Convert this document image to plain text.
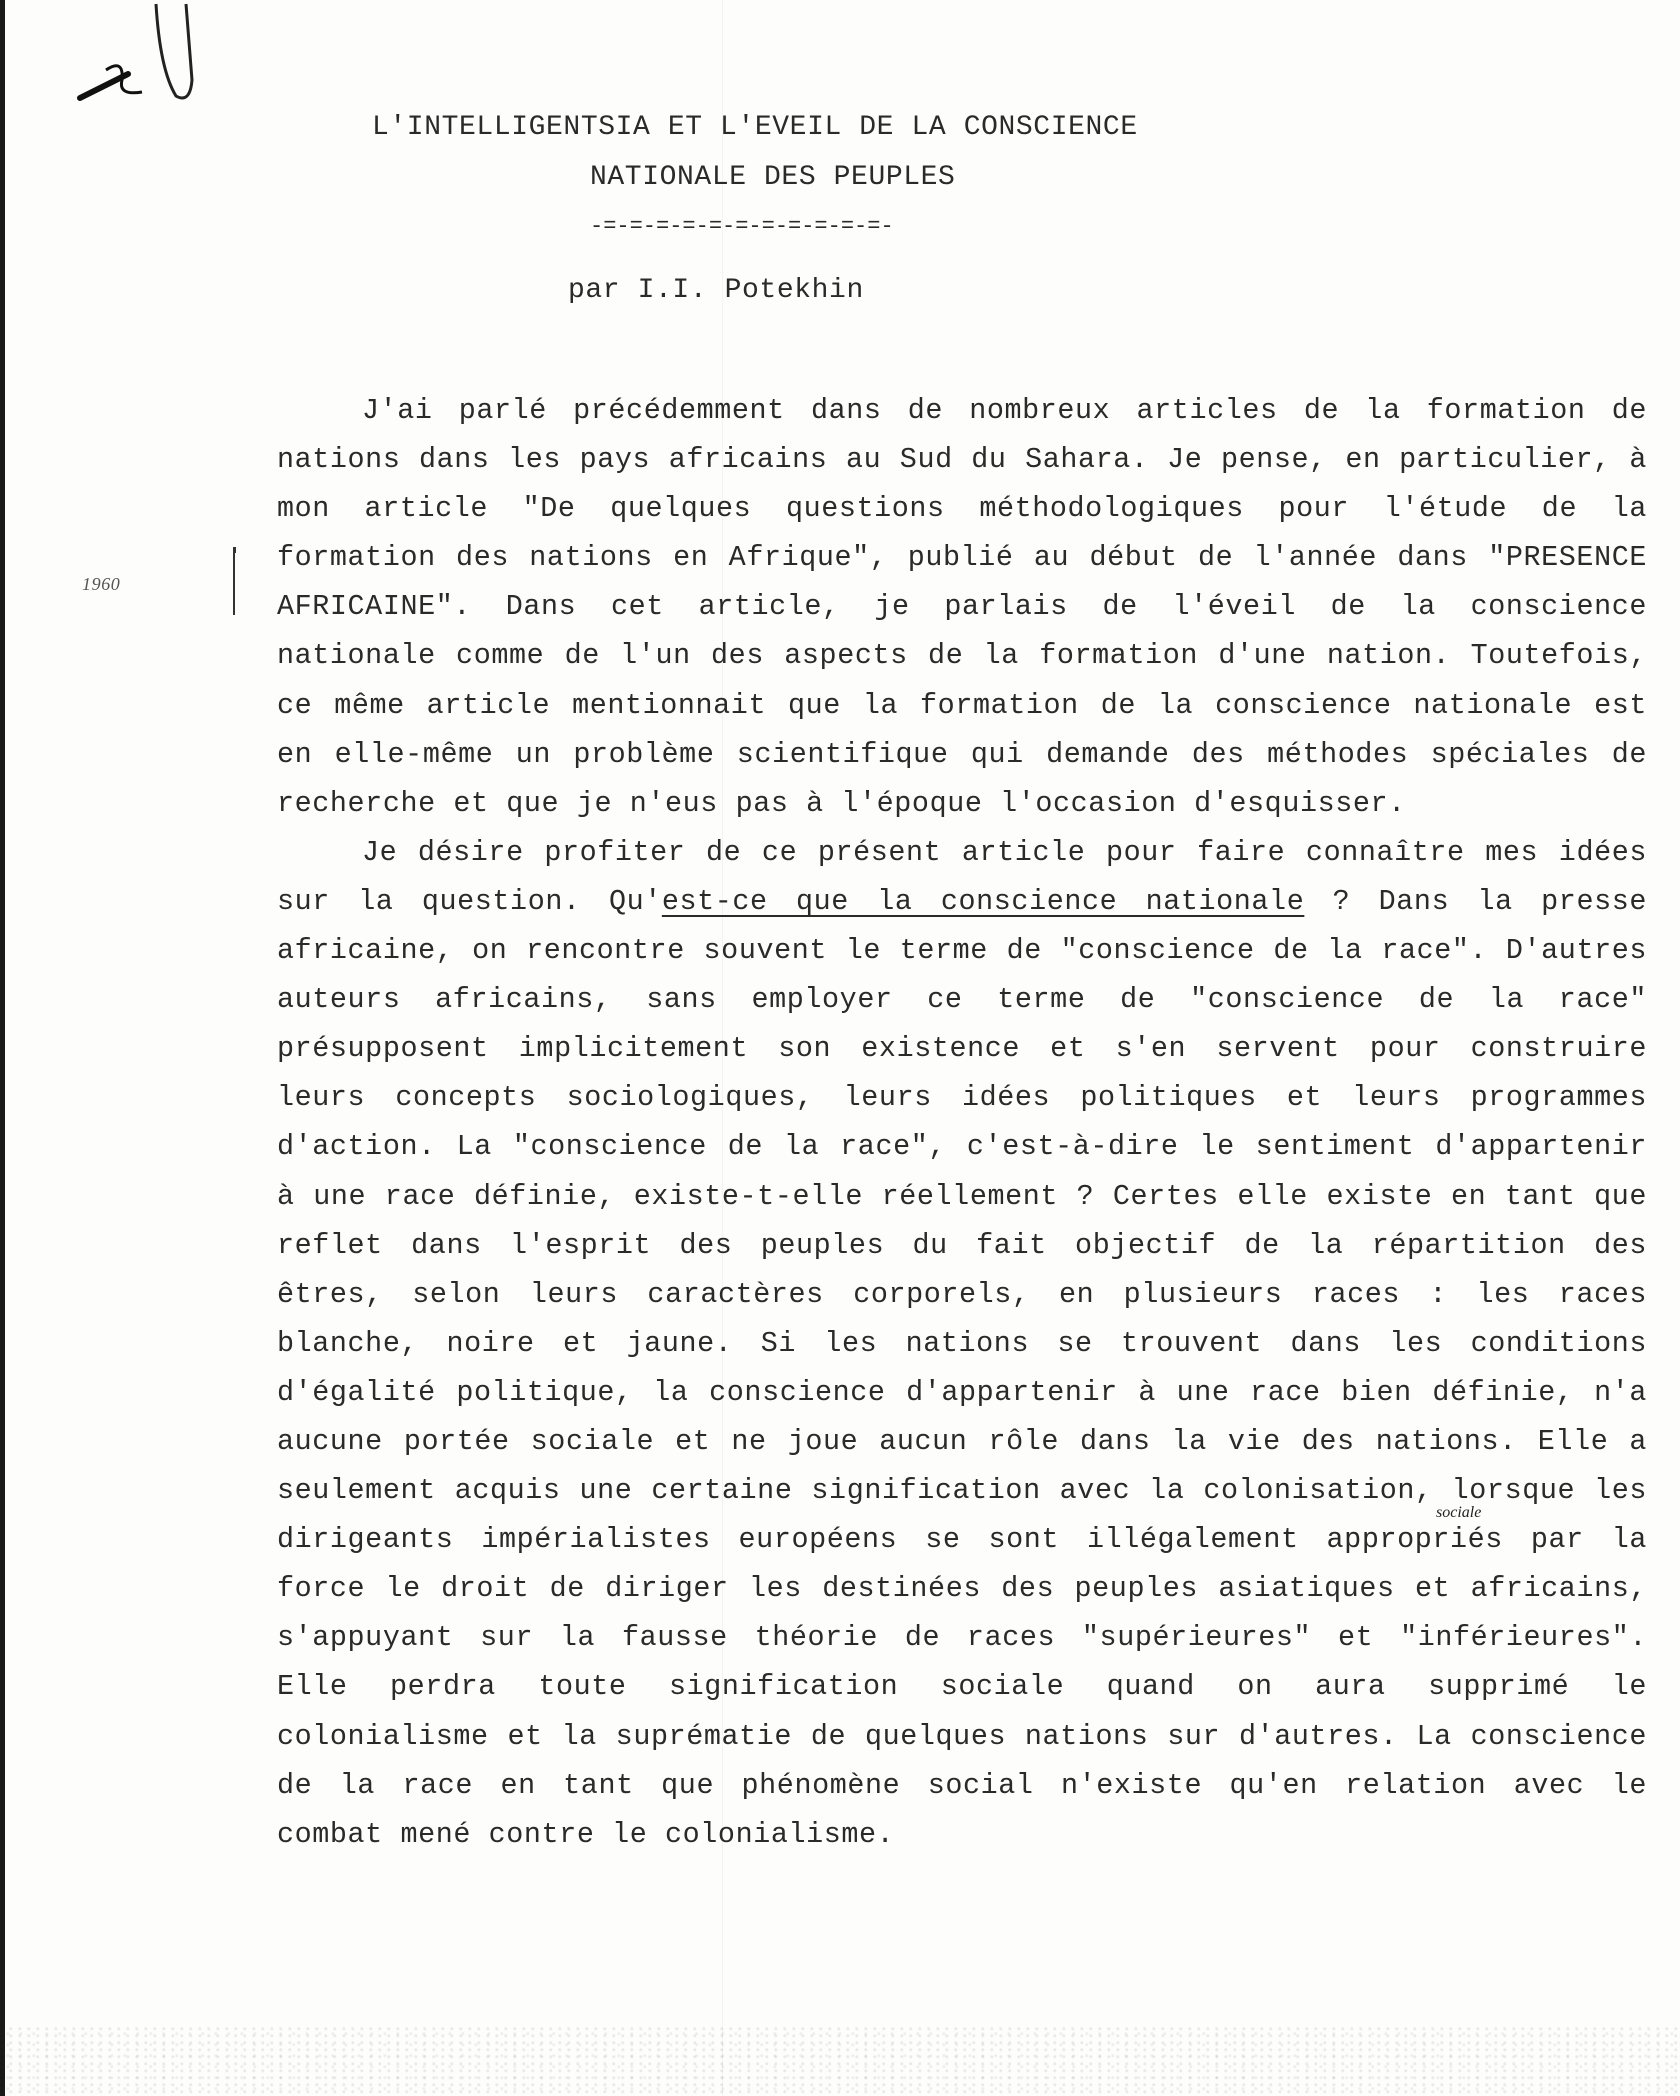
1960
L'INTELLIGENTSIA ET L'EVEIL DE LA CONSCIENCE
NATIONALE DES PEUPLES
-=-=-=-=-=-=-=-=-=-=-=-
par I.I. Potekhin

J'ai parlé précédemment dans de nombreux articles de la formation de nations dans les pays africains au Sud du Sahara. Je pense, en particulier, à mon article "De quelques questions méthodologiques pour l'étude de la formation des nations en Afrique", publié au début de l'année dans "PRESENCE AFRICAINE". Dans cet article, je parlais de l'éveil de la conscience nationale comme de l'un des aspects de la formation d'une nation. Toutefois, ce même article mentionnait que la formation de la conscience nationale est en elle-même un problème scientifique qui demande des méthodes spéciales de recherche et que je n'eus pas à l'époque l'occasion d'esquisser.

Je désire profiter de ce présent article pour faire connaître mes idées sur la question. Qu'est-ce que la conscience nationale ? Dans la presse africaine, on rencontre souvent le terme de "conscience de la race". D'autres auteurs africains, sans employer ce terme de "conscience de la race" présupposent implicitement son existence et s'en servent pour construire leurs concepts sociologiques, leurs idées politiques et leurs programmes d'action. La "conscience de la race", c'est-à-dire le sentiment d'appartenir à une race définie, existe-t-elle réellement ? Certes elle existe en tant que reflet dans l'esprit des peuples du fait objectif de la répartition des êtres, selon leurs caractères corporels, en plusieurs races : les races blanche, noire et jaune. Si les nations se trouvent dans les conditions d'égalité politique, la conscience d'appartenir à une race bien définie, n'a aucune portée sociale et ne joue aucun rôle dans la vie des nations. Elle a seulement acquis une certaine signification avec la colonisation, lorsque les dirigeants impérialistes européens se sont illégalement appropriés par la force le droit de diriger les destinées des peuples asiatiques et africains, s'appuyant sur la fausse théorie de races "supérieures" et "inférieures". Elle perdra toute signification sociale quand on aura supprimé le colonialisme et la suprématie de quelques nations sur d'autres. La conscience de la race en tant que phénomène social n'existe qu'en relation avec le combat mené contre le colonialisme.

sociale
